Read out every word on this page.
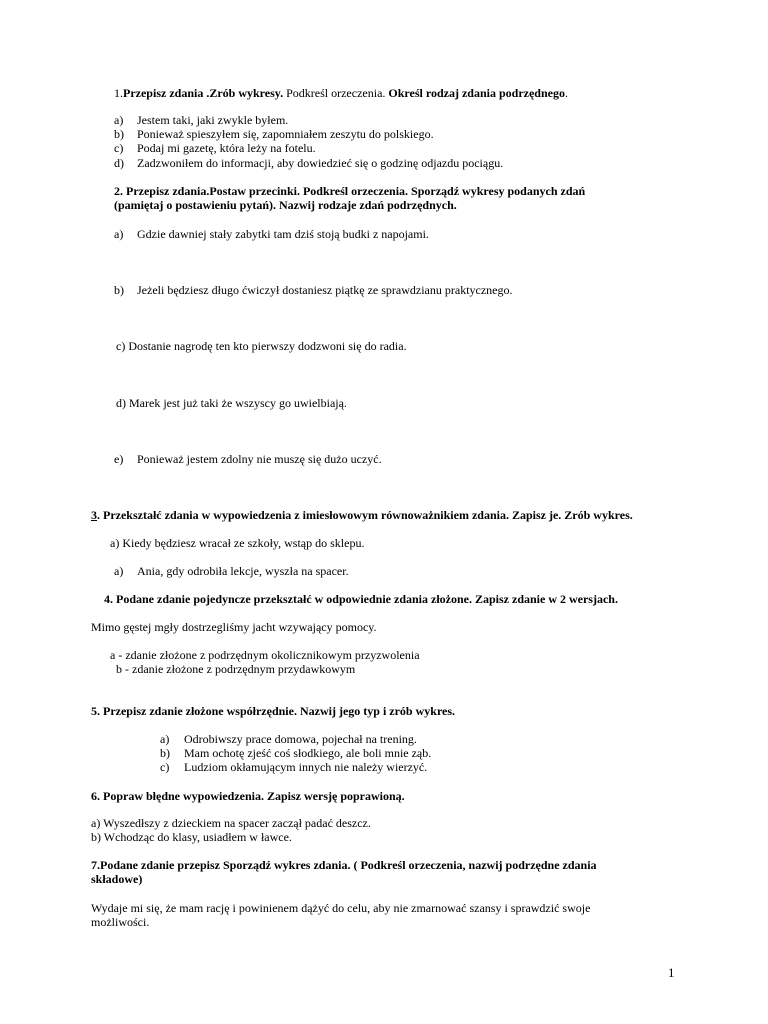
1.Przepisz zdania .Zrób wykresy. Podkreśl orzeczenia. Określ rodzaj zdania podrzędnego.
a) Jestem taki, jaki zwykle byłem.
b) Ponieważ spieszyłem się, zapomniałem zeszytu do polskiego.
c) Podaj mi gazetę, która leży na fotelu.
d) Zadzwoniłem do informacji, aby dowiedzieć się o godzinę odjazdu pociągu.
2. Przepisz zdania.Postaw przecinki. Podkreśl orzeczenia. Sporządź wykresy podanych zdań
(pamiętaj o postawieniu pytań). Nazwij rodzaje zdań podrzędnych.
a) Gdzie dawniej stały zabytki tam dziś stoją budki z napojami.
b) Jeżeli będziesz długo ćwiczył dostaniesz piątkę ze sprawdzianu praktycznego.
c) Dostanie nagrodę ten kto pierwszy dodzwoni się do radia.
d) Marek jest już taki że wszyscy go uwielbiają.
e) Ponieważ jestem zdolny nie muszę się dużo uczyć.
3. Przekształć zdania w wypowiedzenia z imiesłowowym równoważnikiem zdania. Zapisz je. Zrób wykres.
a) Kiedy będziesz wracał ze szkoły, wstąp do sklepu.
a) Ania, gdy odrobiła lekcje, wyszła na spacer.
4. Podane zdanie pojedyncze przekształć w odpowiednie zdania złożone. Zapisz zdanie w 2 wersjach.
Mimo gęstej mgły dostrzegliśmy jacht wzywający pomocy.
a - zdanie złożone z podrzędnym okolicznikowym przyzwolenia
b - zdanie złożone z podrzędnym przydawkowym
5. Przepisz zdanie złożone współrzędnie. Nazwij jego typ i zrób wykres.
a) Odrobiwszy prace domowa, pojechał na trening.
b) Mam ochotę zjeść coś słodkiego, ale boli mnie ząb.
c) Ludziom okłamującym innych nie należy wierzyć.
6. Popraw błędne wypowiedzenia. Zapisz wersję poprawioną.
a) Wyszedłszy z dzieckiem na spacer zaczął padać deszcz.
b) Wchodząc do klasy, usiadłem w ławce.
7.Podane zdanie przepisz Sporządź wykres zdania. ( Podkreśl orzeczenia, nazwij podrzędne zdania
składowe)
Wydaje mi się, że mam rację i powinienem dążyć do celu, aby nie zmarnować szansy i sprawdzić swoje
możliwości.
1
